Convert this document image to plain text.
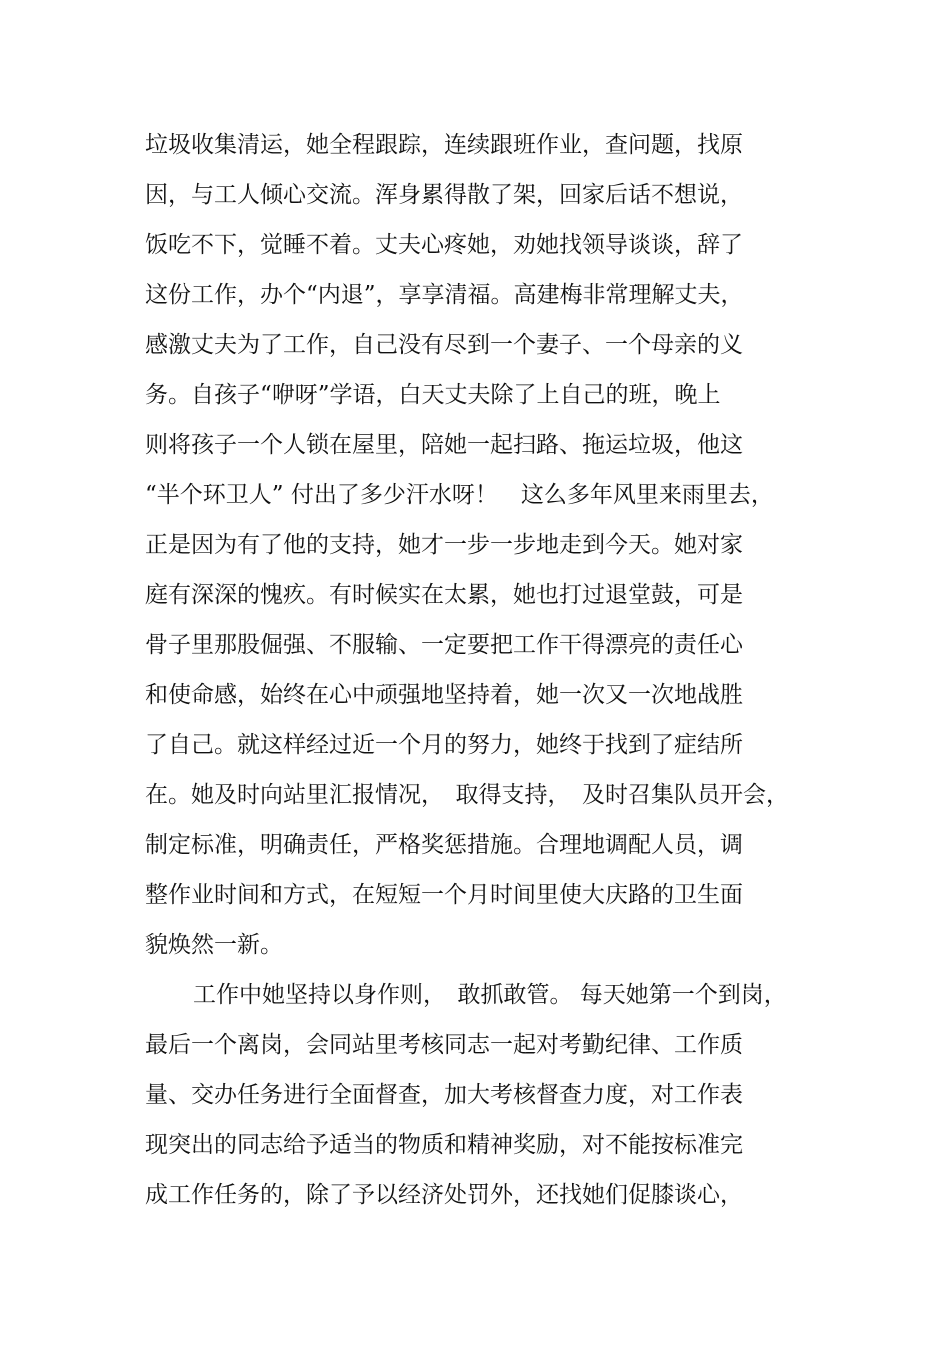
垃圾收集清运，她全程跟踪，连续跟班作业，查问题，找原
因，与工人倾心交流。浑身累得散了架，回家后话不想说，
饭吃不下，觉睡不着。丈夫心疼她，劝她找领导谈谈，辞了
这份工作，办个“内退”，享享清福。高建梅非常理解丈夫，
感激丈夫为了工作，自己没有尽到一个妻子、一个母亲的义
务。自孩子“咿呀”学语，白天丈夫除了上自己的班，晚上
则将孩子一个人锁在屋里，陪她一起扫路、拖运垃圾，他这
“半个环卫人” 付出了多少汗水呀！　这么多年风里来雨里去，
正是因为有了他的支持，她才一步一步地走到今天。她对家
庭有深深的愧疚。有时候实在太累，她也打过退堂鼓，可是
骨子里那股倔强、不服输、一定要把工作干得漂亮的责任心
和使命感，始终在心中顽强地坚持着，她一次又一次地战胜
了自己。就这样经过近一个月的努力，她终于找到了症结所
在。她及时向站里汇报情况，　取得支持，　及时召集队员开会，
制定标准，明确责任，严格奖惩措施。合理地调配人员，调
整作业时间和方式，在短短一个月时间里使大庆路的卫生面
貌焕然一新。
工作中她坚持以身作则，　敢抓敢管。 每天她第一个到岗，
最后一个离岗，会同站里考核同志一起对考勤纪律、工作质
量、交办任务进行全面督查，加大考核督查力度，对工作表
现突出的同志给予适当的物质和精神奖励，对不能按标准完
成工作任务的，除了予以经济处罚外，还找她们促膝谈心，
